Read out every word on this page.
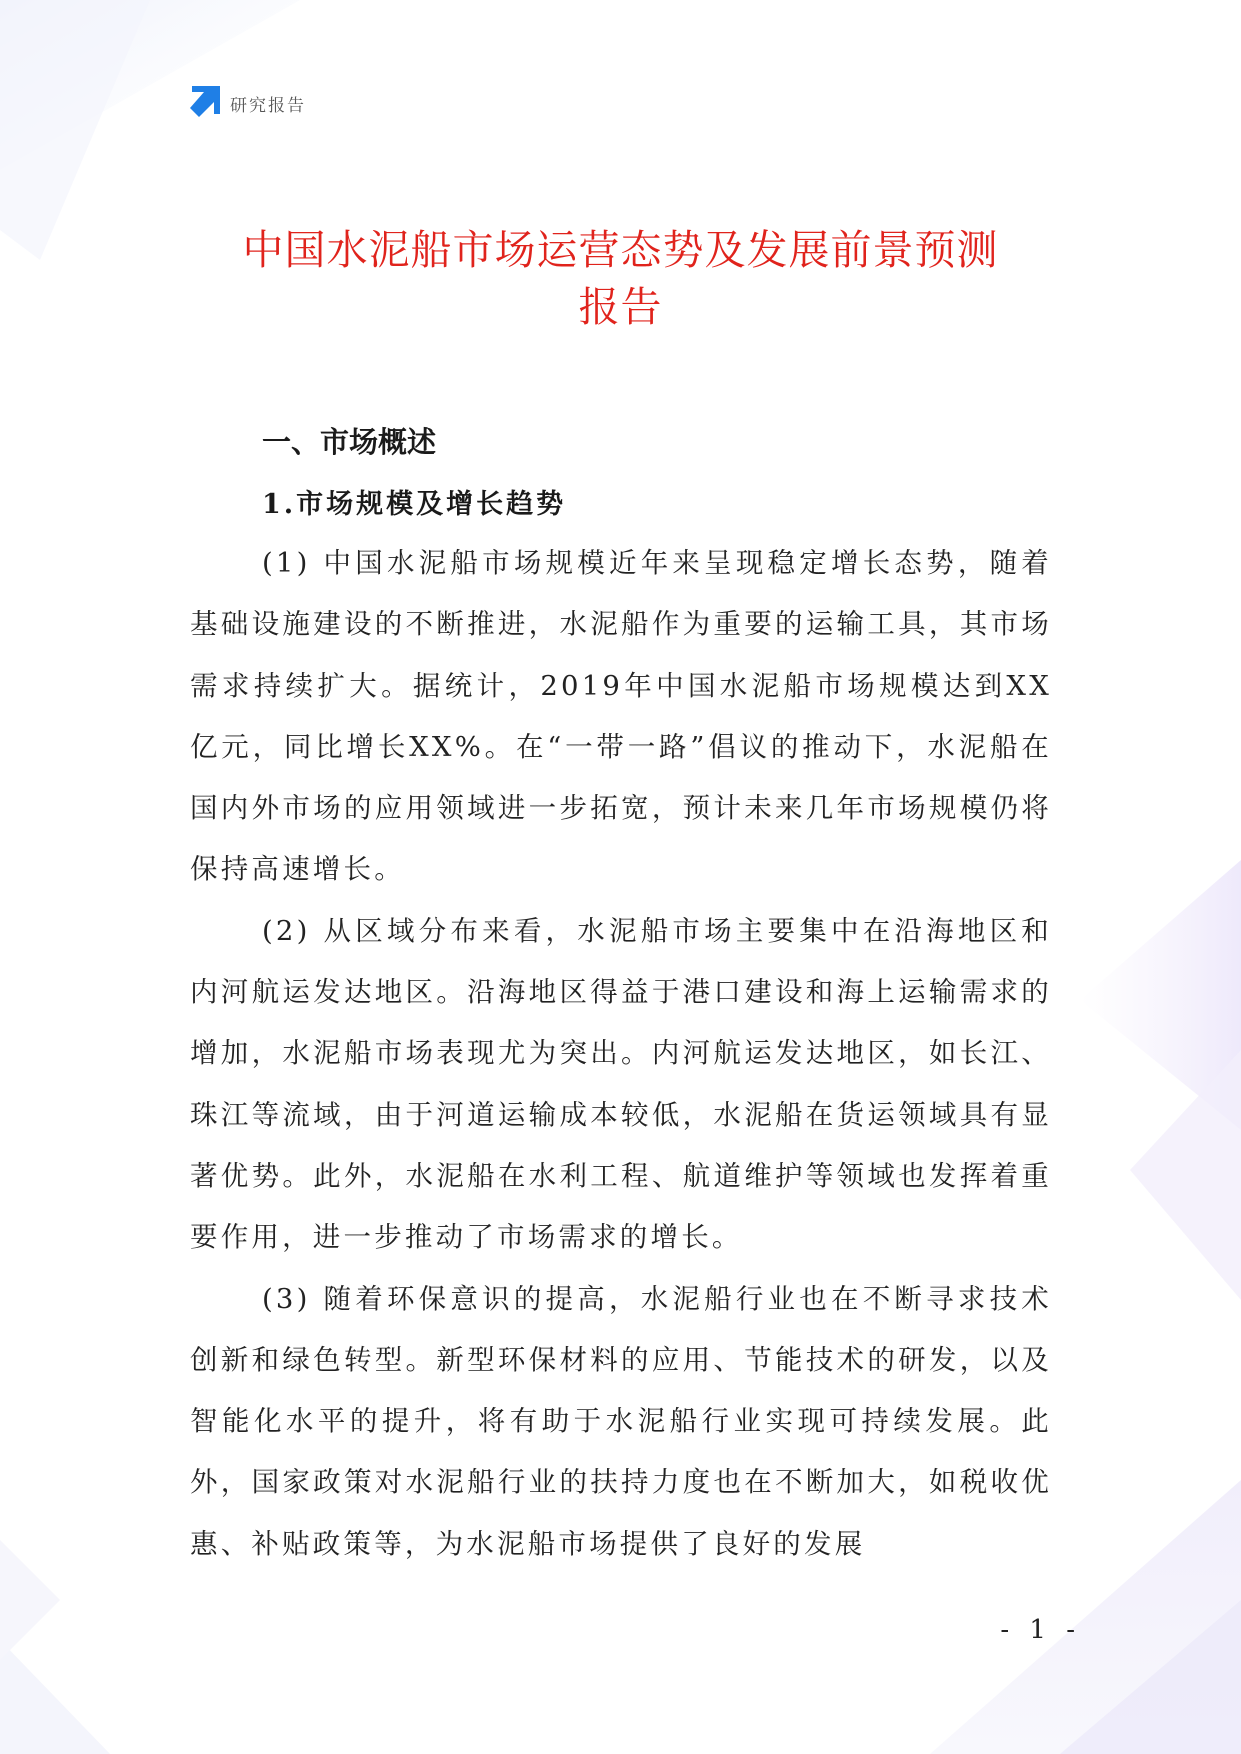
研究报告
中国水泥船市场运营态势及发展前景预测
报告
一、市场概述
1.市场规模及增长趋势

(1) 中国水泥船市场规模近年来呈现稳定增长态势，随着基础设施建设的不断推进，水泥船作为重要的运输工具，其市场需求持续扩大。据统计，2019年中国水泥船市场规模达到XX亿元，同比增长XX%。在“一带一路”倡议的推动下，水泥船在国内外市场的应用领域进一步拓宽，预计未来几年市场规模仍将保持高速增长。

(2) 从区域分布来看，水泥船市场主要集中在沿海地区和内河航运发达地区。沿海地区得益于港口建设和海上运输需求的增加，水泥船市场表现尤为突出。内河航运发达地区，如长江、珠江等流域，由于河道运输成本较低，水泥船在货运领域具有显著优势。此外，水泥船在水利工程、航道维护等领域也发挥着重要作用，进一步推动了市场需求的增长。

(3) 随着环保意识的提高，水泥船行业也在不断寻求技术创新和绿色转型。新型环保材料的应用、节能技术的研发，以及智能化水平的提升，将有助于水泥船行业实现可持续发展。此外，国家政策对水泥船行业的扶持力度也在不断加大，如税收优惠、补贴政策等，为水泥船市场提供了良好的发展

- 1 -
